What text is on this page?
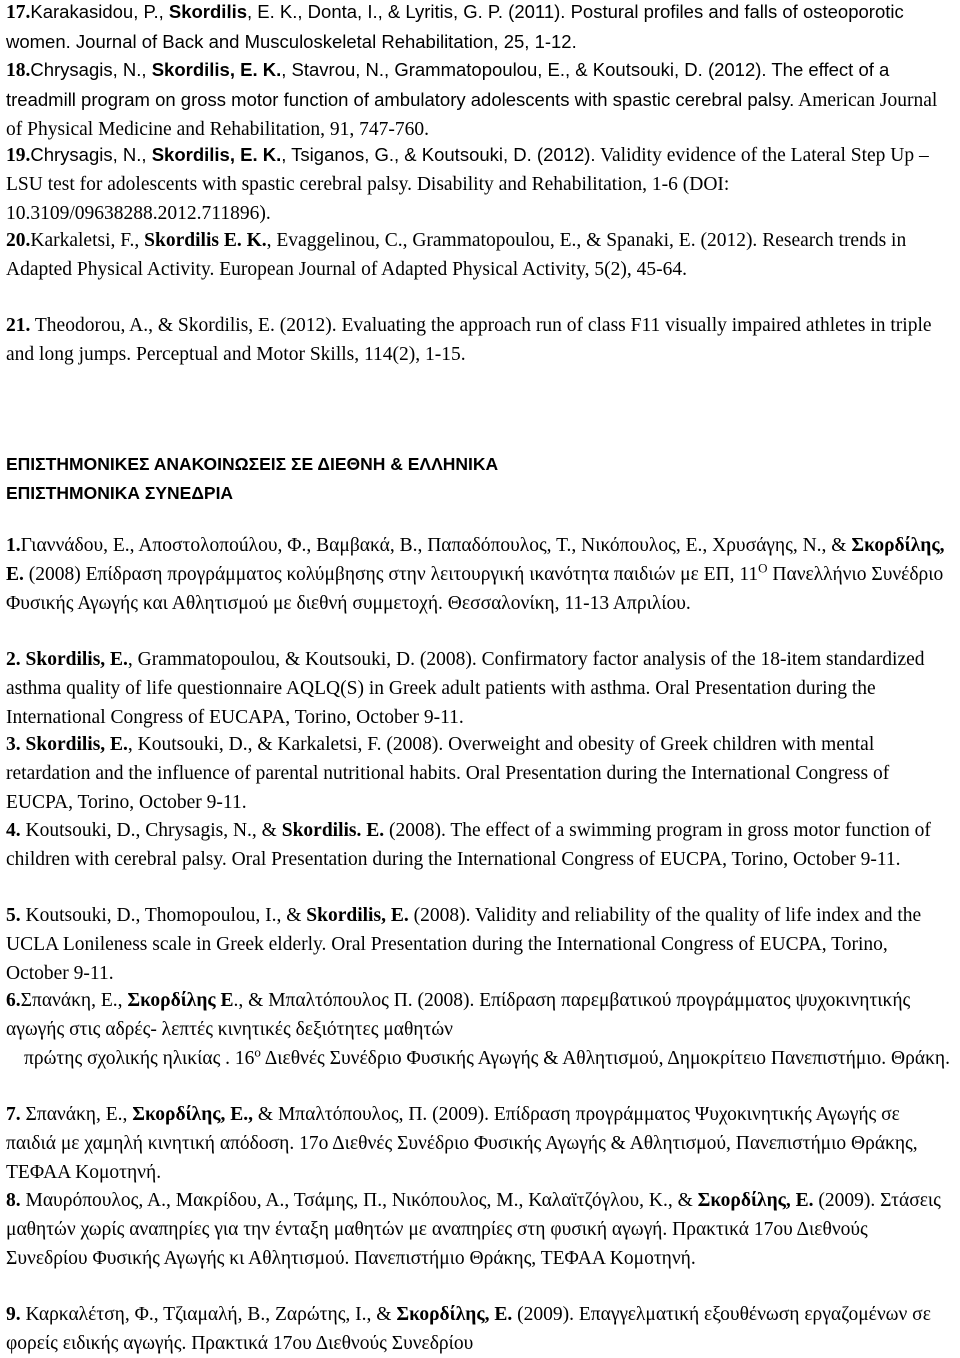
17.Karakasidou, P., Skordilis, E. K., Donta, I., & Lyritis, G. P. (2011). Postural profiles and falls of osteoporotic women. Journal of Back and Musculoskeletal Rehabilitation, 25, 1-12.

18.Chrysagis, N., Skordilis, E. K., Stavrou, N., Grammatopoulou, E., & Koutsouki, D. (2012). The effect of a treadmill program on gross motor function of ambulatory adolescents with spastic cerebral palsy. American Journal of Physical Medicine and Rehabilitation, 91, 747-760.

19.Chrysagis, N., Skordilis, E. K., Tsiganos, G., & Koutsouki, D. (2012). Validity evidence of the Lateral Step Up – LSU test for adolescents with spastic cerebral palsy. Disability and Rehabilitation, 1-6 (DOI: 10.3109/09638288.2012.711896).

20.Karkaletsi, F., Skordilis E. K., Evaggelinou, C., Grammatopoulou, E., & Spanaki, E. (2012). Research trends in Adapted Physical Activity. European Journal of Adapted Physical Activity, 5(2), 45-64.

21. Theodorou, A., & Skordilis, E. (2012). Evaluating the approach run of class F11 visually impaired athletes in triple and long jumps. Perceptual and Motor Skills, 114(2), 1-15.

ΕΠΙΣΤΗΜΟΝΙΚΕΣ ΑΝΑΚΟΙΝΩΣΕΙΣ ΣΕ ΔΙΕΘΝΗ & ΕΛΛΗΝΙΚΑ

ΕΠΙΣΤΗΜΟΝΙΚΑ ΣΥΝΕΔΡΙΑ

1.Γιαννάδου, Ε., Αποστολοποúλου, Φ., Βαμβακά, Β., Παπαδόπουλος, Τ., Νικόπουλος, Ε., Χρυσάγης, Ν., & Σκορδίλης, Ε. (2008) Επίδραση προγράμματος κολύμβησης στην λειτουργική ικανότητα παιδιών με ΕΠ, $11^O$ Πανελλήνιο Συνέδριο Φυσικής Αγωγής και Αθλητισμού με διεθνή συμμετοχή. Θεσσαλονίκη, 11-13 Απριλίου.

2. Skordilis, E., Grammatopoulou, & Koutsouki, D. (2008). Confirmatory factor analysis of the 18-item standardized asthma quality of life questionnaire AQLQ(S) in Greek adult patients with asthma. Oral Presentation during the International Congress of EUCAPA, Torino, October 9-11.

3. Skordilis, E., Koutsouki, D., & Karkaletsi, F. (2008). Overweight and obesity of Greek children with mental retardation and the influence of parental nutritional habits. Oral Presentation during the International Congress of EUCPA, Torino, October 9-11.

4. Koutsouki, D., Chrysagis, N., & Skordilis. E. (2008). The effect of a swimming program in gross motor function of children with cerebral palsy. Oral Presentation during the International Congress of EUCPA, Torino, October 9-11.

5. Koutsouki, D., Thomopoulou, I., & Skordilis, E. (2008). Validity and reliability of the quality of life index and the UCLA Lonileness scale in Greek elderly. Oral Presentation during the International Congress of EUCPA, Torino, October 9-11.

6.Σπανάκη, Ε., Σκορδίλης Ε., & Μπαλτόπουλος Π. (2008). Επίδραση παρεμβατικού προγράμματος ψυχοκινητικής αγωγής στις αδρές- λεπτές κινητικές δεξιότητες μαθητών

πρώτης σχολικής ηλικίας . $16^o$ Διεθνές Συνέδριο Φυσικής Αγωγής & Αθλητισμού, Δημοκρίτειο Πανεπιστήμιο. Θράκη.

7. Σπανάκη, Ε., Σκορδίλης, Ε., & Μπαλτόπουλος, Π. (2009). Επίδραση προγράμματος Ψυχοκινητικής Αγωγής σε παιδιά με χαμηλή κινητική απόδοση. 17ο Διεθνές Συνέδριο Φυσικής Αγωγής & Αθλητισμού, Πανεπιστήμιο Θράκης, ΤΕΦΑΑ Κομοτηνή.

8. Μαυρόπουλος, Α., Μακρίδου, Α., Τσάμης, Π., Νικόπουλος, Μ., Καλαϊτζόγλου, Κ., & Σκορδίλης, Ε. (2009). Στάσεις μαθητών χωρίς αναπηρίες για την ένταξη μαθητών με αναπηρίες στη φυσική αγωγή. Πρακτικά 17ου Διεθνούς Συνεδρίου Φυσικής Αγωγής κι Αθλητισμού. Πανεπιστήμιο Θράκης, ΤΕΦΑΑ Κομοτηνή.

9. Καρκαλέτση, Φ., Τζιαμαλή, Β., Ζαρώτης, Ι., & Σκορδίλης, Ε. (2009). Επαγγελματική εξουθένωση εργαζομένων σε φορείς ειδικής αγωγής. Πρακτικά 17ου Διεθνούς Συνεδρίου
